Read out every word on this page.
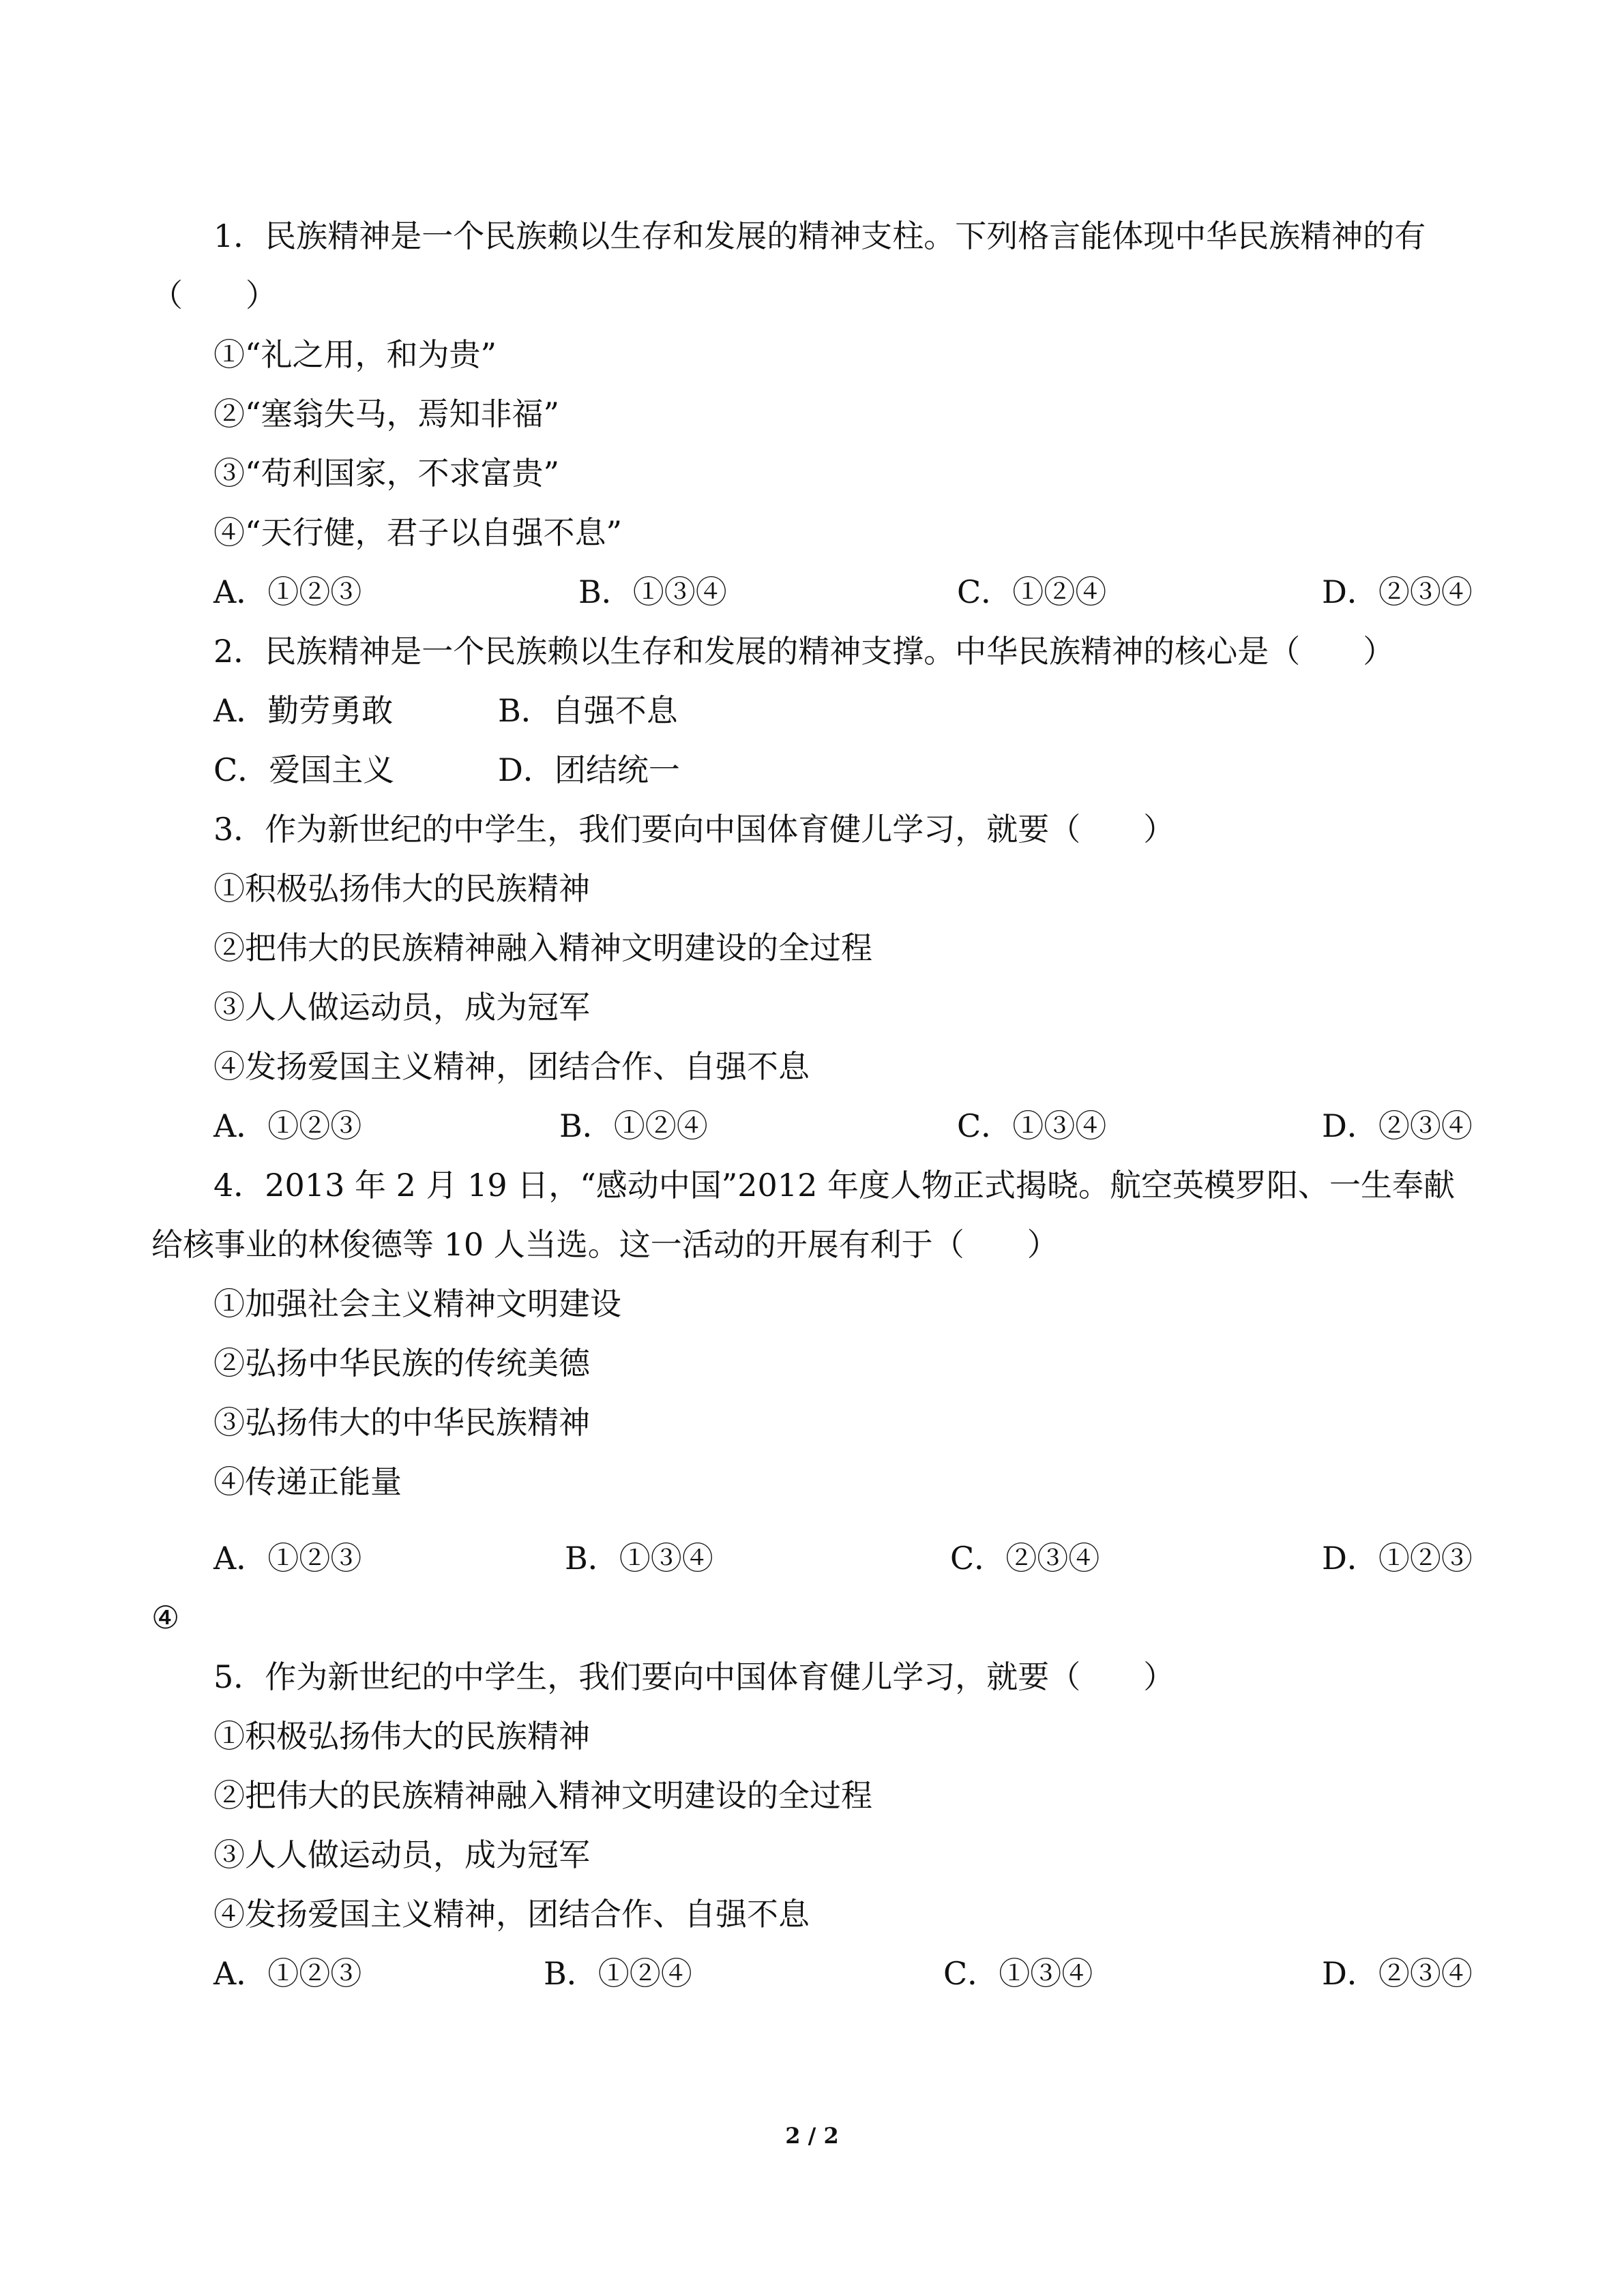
1．民族精神是一个民族赖以生存和发展的精神支柱。下列格言能体现中华民族精神的有
（　　）
①“礼之用，和为贵”
②“塞翁失马，焉知非福”
③“苟利国家，不求富贵”
④“天行健，君子以自强不息”
A．①②③	B．①③④	C．①②④	D．②③④
2．民族精神是一个民族赖以生存和发展的精神支撑。中华民族精神的核心是（　　）
A．勤劳勇敢	B．自强不息
C．爱国主义	D．团结统一
3．作为新世纪的中学生，我们要向中国体育健儿学习，就要（　　）
①积极弘扬伟大的民族精神
②把伟大的民族精神融入精神文明建设的全过程
③人人做运动员，成为冠军
④发扬爱国主义精神，团结合作、自强不息
A．①②③	B．①②④	C．①③④	D．②③④
4．2013 年 2 月 19 日，“感动中国”2012 年度人物正式揭晓。航空英模罗阳、一生奉献
给核事业的林俊德等 10 人当选。这一活动的开展有利于（　　）
①加强社会主义精神文明建设
②弘扬中华民族的传统美德
③弘扬伟大的中华民族精神
④传递正能量
A．①②③	B．①③④	C．②③④	D．①②③
④
5．作为新世纪的中学生，我们要向中国体育健儿学习，就要（　　）
①积极弘扬伟大的民族精神
②把伟大的民族精神融入精神文明建设的全过程
③人人做运动员，成为冠军
④发扬爱国主义精神，团结合作、自强不息
A．①②③	B．①②④	C．①③④	D．②③④
2 / 2
